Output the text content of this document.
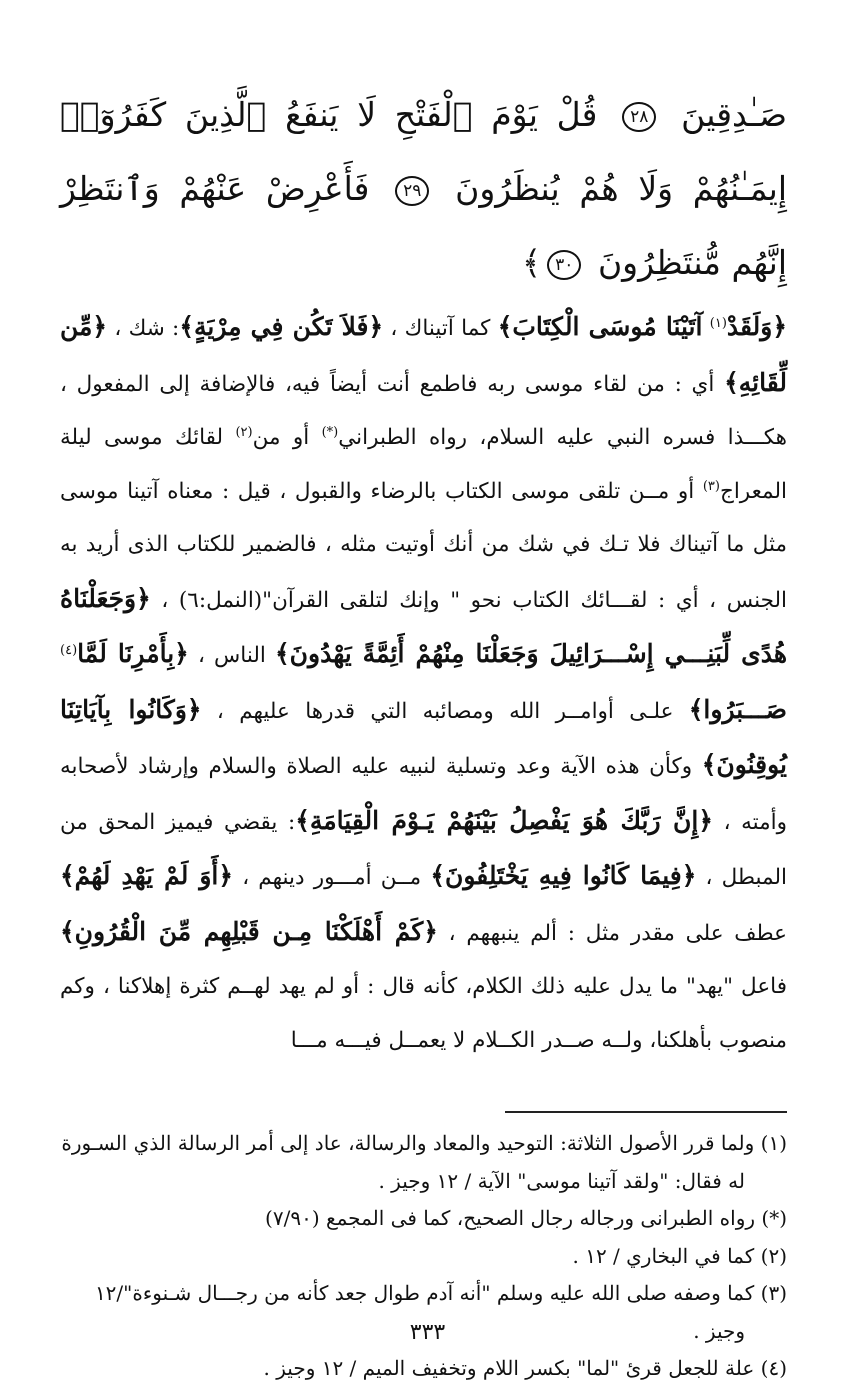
صَـٰدِقِينَ ٢٨ قُلْ يَوْمَ ٱلْفَتْحِ لَا يَنفَعُ ٱلَّذِينَ كَفَرُوٓا۟ إِيمَـٰنُهُمْ وَلَا هُمْ يُنظَرُونَ ٢٩ فَأَعْرِضْ عَنْهُمْ وَٱنتَظِرْ إِنَّهُم مُّنتَظِرُونَ ٣٠﴾

﴿وَلَقَدْ$^{(١)}$ آتَيْنَا مُوسَى الْكِتَابَ﴾ كما آتيناك ، ﴿فَلاَ تَكُن فِي مِرْيَةٍ﴾: شك ، ﴿مِّن لِّقَائِهِ﴾ أي : من لقاء موسى ربه فاطمع أنت أيضاً فيه، فالإضافة إلى المفعول ، هكـــذا فسره النبي عليه السلام، رواه الطبراني(*) أو من$^{(٢)}$ لقائك موسى ليلة المعراج$^{(٣)}$ أو مــن تلقى موسى الكتاب بالرضاء والقبول ، قيل : معناه آتينا موسى مثل ما آتيناك فلا تـك في شك من أنك أوتيت مثله ، فالضمير للكتاب الذى أريد به الجنس ، أي : لقـــائك الكتاب نحو " وإنك لتلقى القرآن"(النمل:٦) ، ﴿وَجَعَلْنَاهُ هُدًى لِّبَنِـــي إِسْـــرَائِيلَ وَجَعَلْنَا مِنْهُمْ أَئِمَّةً يَهْدُونَ﴾ الناس ، ﴿بِأَمْرِنَا لَمَّا$^{(٤)}$ صَـــبَرُوا﴾ علـى أوامــر الله ومصائبه التي قدرها عليهم ، ﴿وَكَانُوا بِآيَاتِنَا يُوقِنُونَ﴾ وكأن هذه الآية وعد وتسلية لنبيه عليه الصلاة والسلام وإرشاد لأصحابه وأمته ، ﴿إِنَّ رَبَّكَ هُوَ يَفْصِلُ بَيْنَهُمْ يَـوْمَ الْقِيَامَةِ﴾: يقضي فيميز المحق من المبطل ، ﴿فِيمَا كَانُوا فِيهِ يَخْتَلِفُونَ﴾ مــن أمـــور دينهم ، ﴿أَوَ لَمْ يَهْدِ لَهُمْ﴾ عطف على مقدر مثل : ألم ينبههم ، ﴿كَمْ أَهْلَكْنَا مِـن قَبْلِهِم مِّنَ الْقُرُونِ﴾ فاعل "يهد" ما يدل عليه ذلك الكلام، كأنه قال : أو لم يهد لهــم كثرة إهلاكنا ، وكم منصوب بأهلكنا، ولــه صــدر الكــلام لا يعمــل فيـــه مـــا

(١) ولما قرر الأصول الثلاثة: التوحيد والمعاد والرسالة، عاد إلى أمر الرسالة الذي السـورة
له فقال: "ولقد آتينا موسى" الآية / ١٢ وجيز .
(*) رواه الطبرانى ورجاله رجال الصحيح، كما فى المجمع (٧/٩٠)
(٢) كما في البخاري / ١٢ .
(٣) كما وصفه صلى الله عليه وسلم "أنه آدم طوال جعد كأنه من رجـــال شـنوءة"/١٢
وجيز .
(٤) علة للجعل قرئ "لما" بكسر اللام وتخفيف الميم / ١٢ وجيز .
٣٣٣
